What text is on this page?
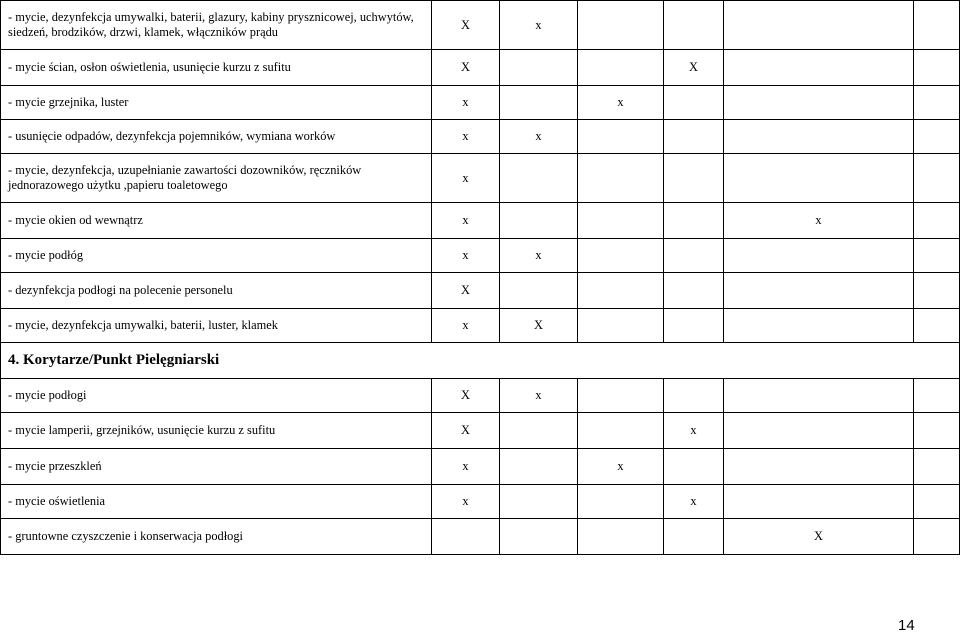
- mycie, dezynfekcja umywalki, baterii, glazury, kabiny prysznicowej, uchwytów, siedzeń, brodzików, drzwi, klamek, włączników prądu	X	x				
- mycie ścian, osłon oświetlenia, usunięcie kurzu z sufitu	X			X		
- mycie grzejnika, luster	x		x			
- usunięcie odpadów, dezynfekcja pojemników, wymiana worków	x	x				
- mycie, dezynfekcja, uzupełnianie zawartości dozowników, ręczników jednorazowego użytku ,papieru toaletowego	x					
- mycie okien od wewnątrz	x				x	
- mycie podłóg	x	x				
- dezynfekcja podłogi na polecenie personelu	X					
- mycie, dezynfekcja umywalki, baterii, luster, klamek	x	X				
4. Korytarze/Punkt Pielęgniarski						
- mycie podłogi	X	x				
- mycie lamperii, grzejników, usunięcie kurzu z sufitu	X			x		
- mycie przeszkleń	x		x			
- mycie oświetlenia	x			x		
- gruntowne czyszczenie i konserwacja podłogi					X	
14
